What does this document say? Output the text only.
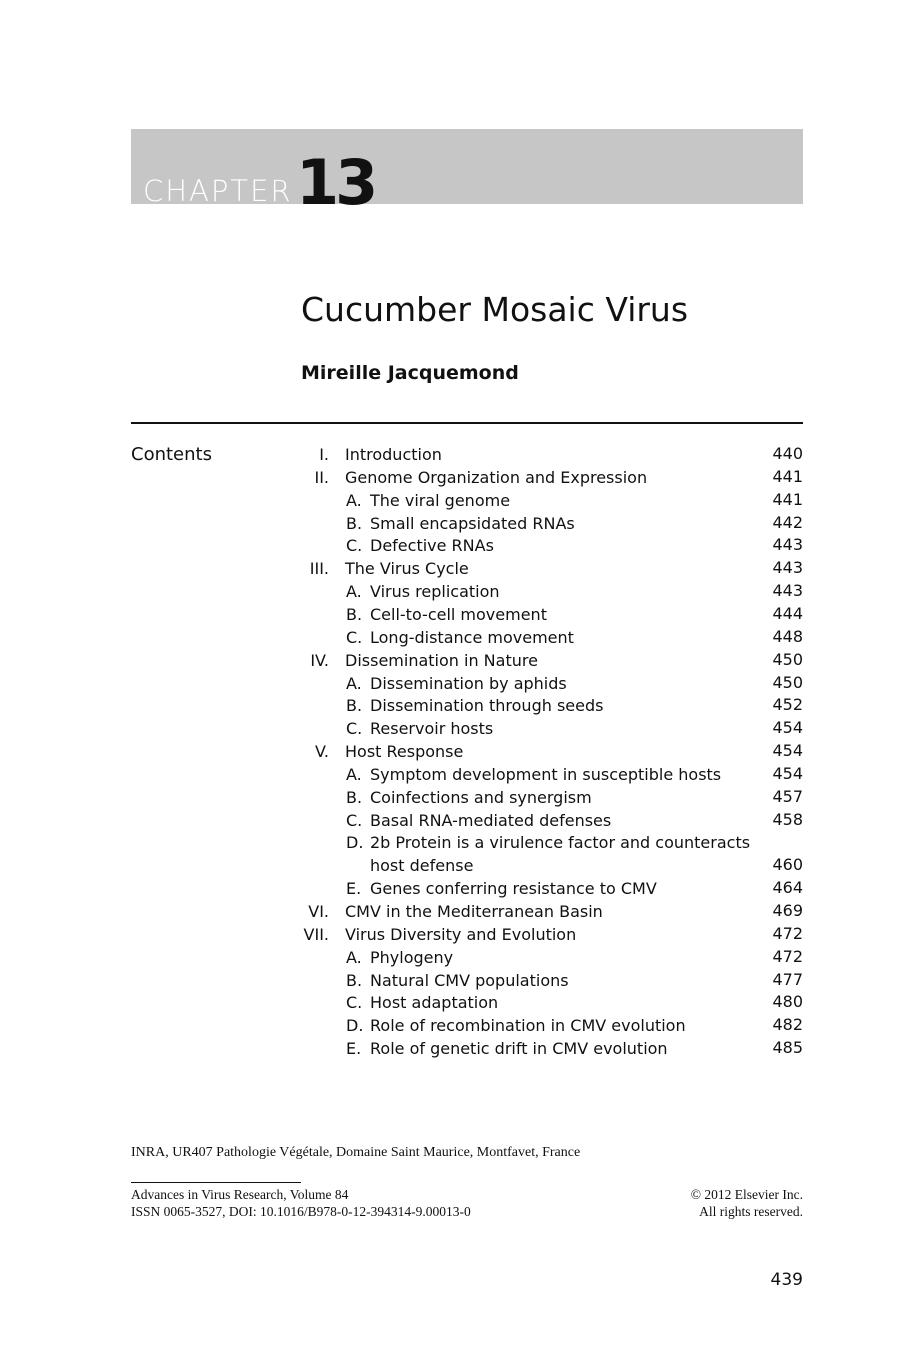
CHAPTER 13
Cucumber Mosaic Virus
Mireille Jacquemond
Contents	I. Introduction	440
II. Genome Organization and Expression	441
A. The viral genome	441
B. Small encapsidated RNAs	442
C. Defective RNAs	443
III. The Virus Cycle	443
A. Virus replication	443
B. Cell-to-cell movement	444
C. Long-distance movement	448
IV. Dissemination in Nature	450
A. Dissemination by aphids	450
B. Dissemination through seeds	452
C. Reservoir hosts	454
V. Host Response	454
A. Symptom development in susceptible hosts	454
B. Coinfections and synergism	457
C. Basal RNA-mediated defenses	458
D. 2b Protein is a virulence factor and counteracts
host defense	460
E. Genes conferring resistance to CMV	464
VI. CMV in the Mediterranean Basin	469
VII. Virus Diversity and Evolution	472
A. Phylogeny	472
B. Natural CMV populations	477
C. Host adaptation	480
D. Role of recombination in CMV evolution	482
E. Role of genetic drift in CMV evolution	485
INRA, UR407 Pathologie Végétale, Domaine Saint Maurice, Montfavet, France
Advances in Virus Research, Volume 84
ISSN 0065-3527, DOI: 10.1016/B978-0-12-394314-9.00013-0
© 2012 Elsevier Inc.
All rights reserved.
439
